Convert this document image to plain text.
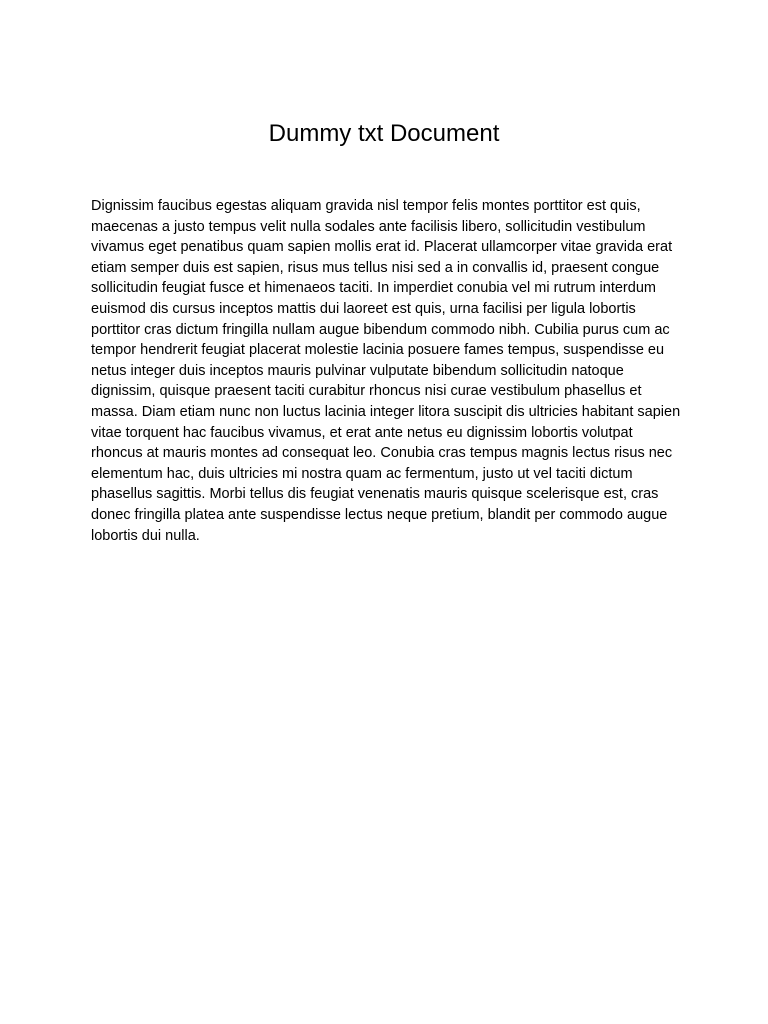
Dummy txt Document

Dignissim faucibus egestas aliquam gravida nisl tempor felis montes porttitor est quis, maecenas a justo tempus velit nulla sodales ante facilisis libero, sollicitudin vestibulum vivamus eget penatibus quam sapien mollis erat id. Placerat ullamcorper vitae gravida erat etiam semper duis est sapien, risus mus tellus nisi sed a in convallis id, praesent congue sollicitudin feugiat fusce et himenaeos taciti. In imperdiet conubia vel mi rutrum interdum euismod dis cursus inceptos mattis dui laoreet est quis, urna facilisi per ligula lobortis porttitor cras dictum fringilla nullam augue bibendum commodo nibh. Cubilia purus cum ac tempor hendrerit feugiat placerat molestie lacinia posuere fames tempus, suspendisse eu netus integer duis inceptos mauris pulvinar vulputate bibendum sollicitudin natoque dignissim, quisque praesent taciti curabitur rhoncus nisi curae vestibulum phasellus et massa. Diam etiam nunc non luctus lacinia integer litora suscipit dis ultricies habitant sapien vitae torquent hac faucibus vivamus, et erat ante netus eu dignissim lobortis volutpat rhoncus at mauris montes ad consequat leo. Conubia cras tempus magnis lectus risus nec elementum hac, duis ultricies mi nostra quam ac fermentum, justo ut vel taciti dictum phasellus sagittis. Morbi tellus dis feugiat venenatis mauris quisque scelerisque est, cras donec fringilla platea ante suspendisse lectus neque pretium, blandit per commodo augue lobortis dui nulla.
